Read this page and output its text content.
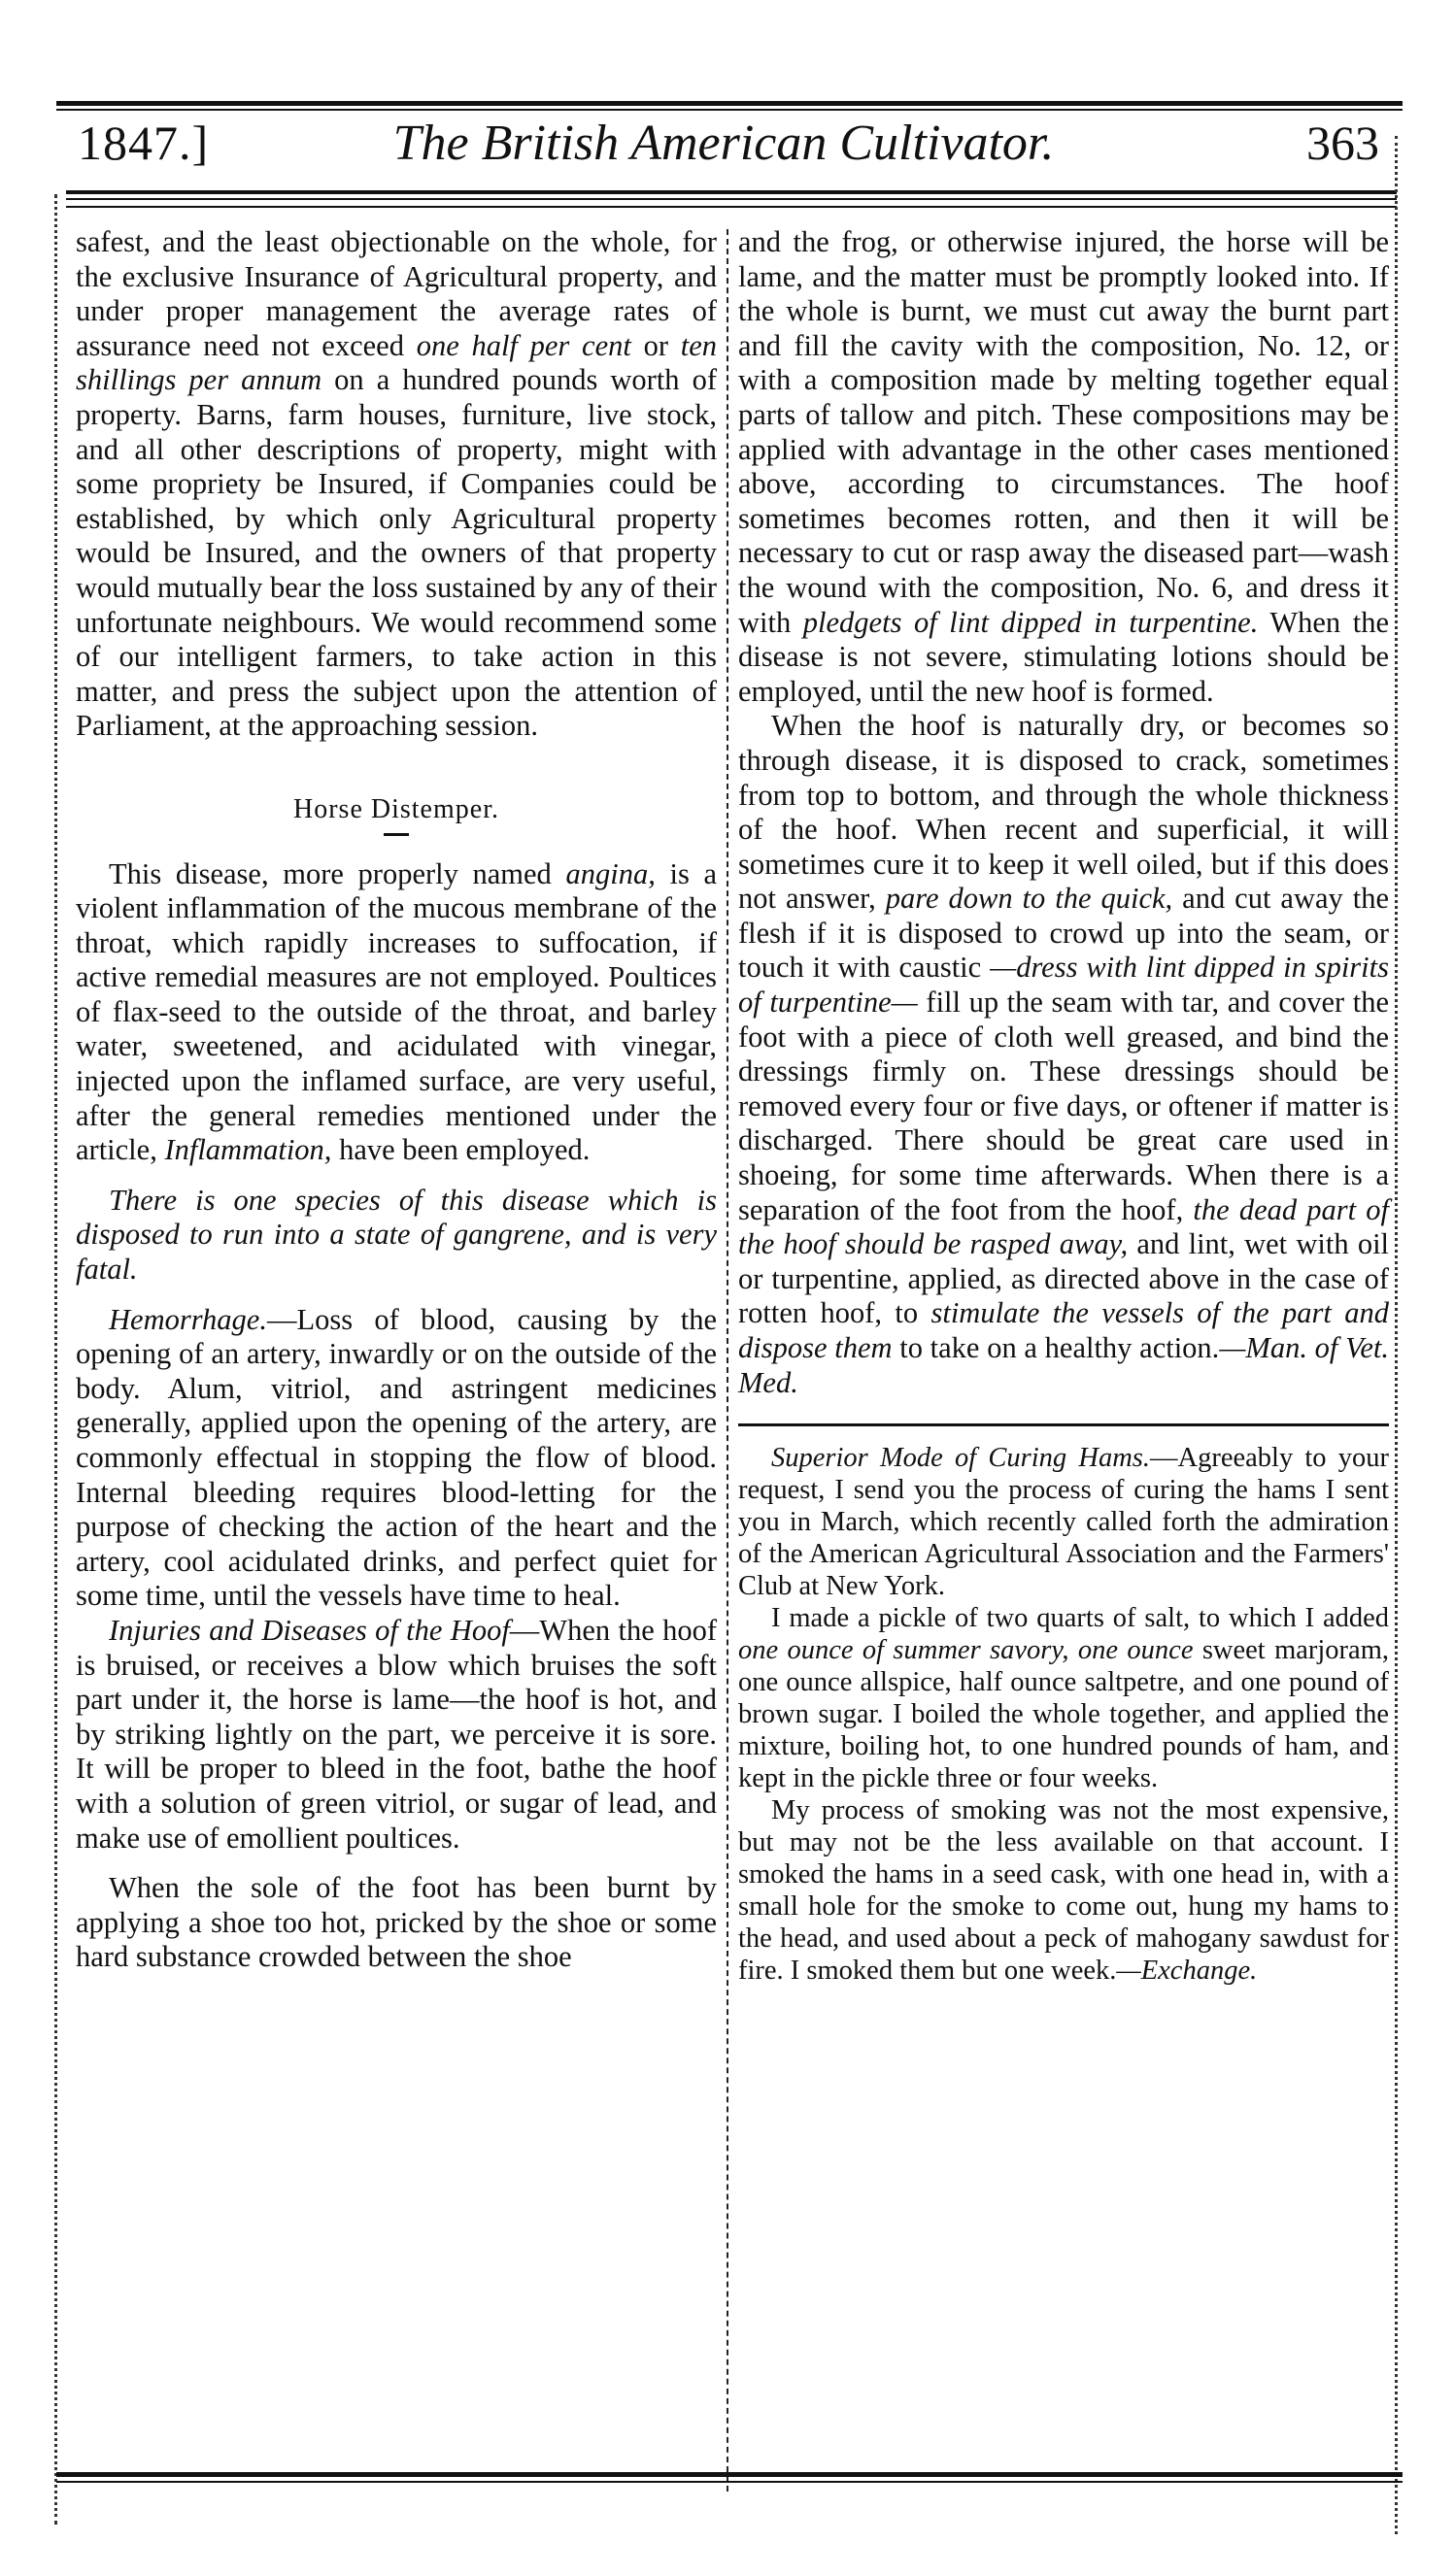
1847.]	The British American Cultivator.	363

safest, and the least objectionable on the whole, for the exclusive Insurance of Agricultural property, and under proper management the average rates of assurance need not exceed one half per cent or ten shillings per annum on a hundred pounds worth of property. Barns, farm houses, furniture, live stock, and all other descriptions of property, might with some propriety be Insured, if Companies could be established, by which only Agricultural property would be Insured, and the owners of that property would mutually bear the loss sustained by any of their unfortunate neighbours. We would recommend some of our intelligent farmers, to take action in this matter, and press the subject upon the attention of Parliament, at the approaching session.

Horse Distemper.

This disease, more properly named angina, is a violent inflammation of the mucous membrane of the throat, which rapidly increases to suffocation, if active remedial measures are not employed. Poultices of flax-seed to the outside of the throat, and barley water, sweetened, and acidulated with vinegar, injected upon the inflamed surface, are very useful, after the general remedies mentioned under the article, Inflammation, have been employed.

There is one species of this disease which is disposed to run into a state of gangrene, and is very fatal.

Hemorrhage.—Loss of blood, causing by the opening of an artery, inwardly or on the outside of the body. Alum, vitriol, and astringent medicines generally, applied upon the opening of the artery, are commonly effectual in stopping the flow of blood. Internal bleeding requires blood-letting for the purpose of checking the action of the heart and the artery, cool acidulated drinks, and perfect quiet for some time, until the vessels have time to heal.

Injuries and Diseases of the Hoof—When the hoof is bruised, or receives a blow which bruises the soft part under it, the horse is lame—the hoof is hot, and by striking lightly on the part, we perceive it is sore. It will be proper to bleed in the foot, bathe the hoof with a solution of green vitriol, or sugar of lead, and make use of emollient poultices.

When the sole of the foot has been burnt by applying a shoe too hot, pricked by the shoe or some hard substance crowded between the shoe

and the frog, or otherwise injured, the horse will be lame, and the matter must be promptly looked into. If the whole is burnt, we must cut away the burnt part and fill the cavity with the composition, No. 12, or with a composition made by melting together equal parts of tallow and pitch. These compositions may be applied with advantage in the other cases mentioned above, according to circumstances. The hoof sometimes becomes rotten, and then it will be necessary to cut or rasp away the diseased part—wash the wound with the composition, No. 6, and dress it with pledgets of lint dipped in turpentine. When the disease is not severe, stimulating lotions should be employed, until the new hoof is formed.

When the hoof is naturally dry, or becomes so through disease, it is disposed to crack, sometimes from top to bottom, and through the whole thickness of the hoof. When recent and superficial, it will sometimes cure it to keep it well oiled, but if this does not answer, pare down to the quick, and cut away the flesh if it is disposed to crowd up into the seam, or touch it with caustic —dress with lint dipped in spirits of turpentine— fill up the seam with tar, and cover the foot with a piece of cloth well greased, and bind the dressings firmly on. These dressings should be removed every four or five days, or oftener if matter is discharged. There should be great care used in shoeing, for some time afterwards. When there is a separation of the foot from the hoof, the dead part of the hoof should be rasped away, and lint, wet with oil or turpentine, applied, as directed above in the case of rotten hoof, to stimulate the vessels of the part and dispose them to take on a healthy action.—Man. of Vet. Med.

Superior Mode of Curing Hams.—Agreeably to your request, I send you the process of curing the hams I sent you in March, which recently called forth the admiration of the American Agricultural Association and the Farmers' Club at New York.

I made a pickle of two quarts of salt, to which I added one ounce of summer savory, one ounce sweet marjoram, one ounce allspice, half ounce saltpetre, and one pound of brown sugar. I boiled the whole together, and applied the mixture, boiling hot, to one hundred pounds of ham, and kept in the pickle three or four weeks.

My process of smoking was not the most expensive, but may not be the less available on that account. I smoked the hams in a seed cask, with one head in, with a small hole for the smoke to come out, hung my hams to the head, and used about a peck of mahogany sawdust for fire. I smoked them but one week.—Exchange.
